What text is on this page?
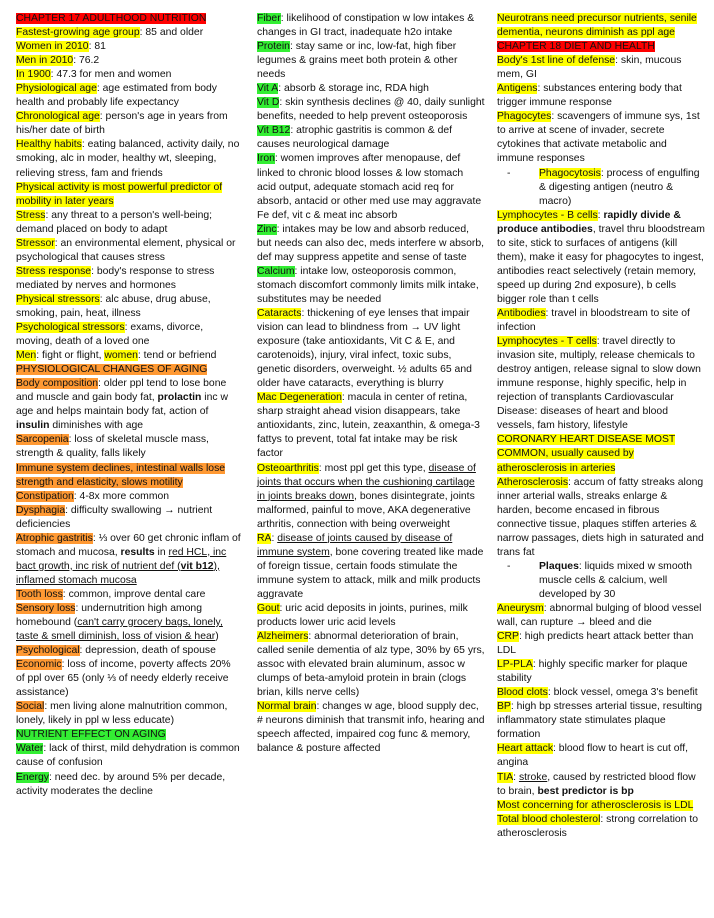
CHAPTER 17 ADULTHOOD NUTRITION

Fastest-growing age group: 85 and older

Women in 2010: 81

Men in 2010: 76.2

In 1900: 47.3 for men and women

Physiological age: age estimated from body health and probably life expectancy

Chronological age: person's age in years from his/her date of birth

Healthy habits: eating balanced, activity daily, no smoking, alc in moder, healthy wt, sleeping, relieving stress, fam and friends

Physical activity is most powerful predictor of mobility in later years

Stress: any threat to a person's well-being; demand placed on body to adapt

Stressor: an environmental element, physical or psychological that causes stress

Stress response: body's response to stress mediated by nerves and hormones

Physical stressors: alc abuse, drug abuse, smoking, pain, heat, illness

Psychological stressors: exams, divorce, moving, death of a loved one

Men: fight or flight, women: tend or befriend

PHYSIOLOGICAL CHANGES OF AGING

Body composition: older ppl tend to lose bone and muscle and gain body fat, prolactin inc w age and helps maintain body fat, action of insulin diminishes with age

Sarcopenia: loss of skeletal muscle mass, strength & quality, falls likely

Immune system declines, intestinal walls lose strength and elasticity, slows motility

Constipation: 4-8x more common

Dysphagia: difficulty swallowing → nutrient deficiencies

Atrophic gastritis: ⅓ over 60 get chronic inflam of stomach and mucosa, results in red HCL, inc bact growth, inc risk of nutrient def (vit b12), inflamed stomach mucosa

Tooth loss: common, improve dental care

Sensory loss: undernutrition high among homebound (can't carry grocery bags, lonely, taste & smell diminish, loss of vision & hear)

Psychological: depression, death of spouse

Economic: loss of income, poverty affects 20% of ppl over 65 (only ⅓ of needy elderly receive assistance)

Social: men living alone malnutrition common, lonely, likely in ppl w less educate)

NUTRIENT EFFECT ON AGING

Water: lack of thirst, mild dehydration is common cause of confusion

Energy: need dec. by around 5% per decade, activity moderates the decline

Fiber: likelihood of constipation w low intakes & changes in GI tract, inadequate h2o intake

Protein: stay same or inc, low-fat, high fiber legumes & grains meet both protein & other needs

Vit A: absorb & storage inc, RDA high

Vit D: skin synthesis declines @ 40, daily sunlight benefits, needed to help prevent osteoporosis

Vit B12: atrophic gastritis is common & def causes neurological damage

Iron: women improves after menopause, def linked to chronic blood losses & low stomach acid output, adequate stomach acid req for absorb, antacid or other med use may aggravate Fe def, vit c & meat inc absorb

Zinc: intakes may be low and absorb reduced, but needs can also dec, meds interfere w absorb, def may suppress appetite and sense of taste

Calcium: intake low, osteoporosis common, stomach discomfort commonly limits milk intake, substitutes may be needed

Cataracts: thickening of eye lenses that impair vision can lead to blindness from → UV light exposure (take antioxidants, Vit C & E, and carotenoids), injury, viral infect, toxic subs, genetic disorders, overweight. ½ adults 65 and older have cataracts, everything is blurry

Mac Degeneration: macula in center of retina, sharp straight ahead vision disappears, take antioxidants, zinc, lutein, zeaxanthin, & omega-3 fattys to prevent, total fat intake may be risk factor

Osteoarthritis: most ppl get this type, disease of joints that occurs when the cushioning cartilage in joints breaks down, bones disintegrate, joints malformed, painful to move, AKA degenerative arthritis, connection with being overweight

RA: disease of joints caused by disease of immune system, bone covering treated like made of foreign tissue, certain foods stimulate the immune system to attack, milk and milk products aggravate

Gout: uric acid deposits in joints, purines, milk products lower uric acid levels

Alzheimers: abnormal deterioration of brain, called senile dementia of alz type, 30% by 65 yrs, assoc with elevated brain aluminum, assoc w clumps of beta-amyloid protein in brain (clogs brian, kills nerve cells)

Normal brain: changes w age, blood supply dec, # neurons diminish that transmit info, hearing and speech affected, impaired cog func & memory, balance & posture affected

Neurotrans need precursor nutrients, senile dementia, neurons diminish as ppl age

CHAPTER 18 DIET AND HEALTH

Body's 1st line of defense: skin, mucous mem, GI

Antigens: substances entering body that trigger immune response

Phagocytes: scavengers of immune sys, 1st to arrive at scene of invader, secrete cytokines that activate metabolic and immune responses

-	Phagocytosis: process of engulfing & digesting antigen (neutro & macro)

Lymphocytes - B cells: rapidly divide & produce antibodies, travel thru bloodstream to site, stick to surfaces of antigens (kill them), make it easy for phagocytes to ingest, antibodies react selectively (retain memory, speed up during 2nd exposure), b cells bigger role than t cells

Antibodies: travel in bloodstream to site of infection

Lymphocytes - T cells: travel directly to invasion site, multiply, release chemicals to destroy antigen, release signal to slow down immune response, highly specific, help in rejection of transplants Cardiovascular Disease: diseases of heart and blood vessels, fam history, lifestyle

CORONARY HEART DISEASE MOST COMMON, usually caused by atherosclerosis in arteries

Atherosclerosis: accum of fatty streaks along inner arterial walls, streaks enlarge & harden, become encased in fibrous connective tissue, plaques stiffen arteries & narrow passages, diets high in saturated and trans fat

-	Plaques: liquids mixed w smooth muscle cells & calcium, well developed by 30

Aneurysm: abnormal bulging of blood vessel wall, can rupture → bleed and die

CRP: high predicts heart attack better than LDL

LP-PLA: highly specific marker for plaque stability

Blood clots: block vessel, omega 3's benefit

BP: high bp stresses arterial tissue, resulting inflammatory state stimulates plaque formation

Heart attack: blood flow to heart is cut off, angina

TIA: stroke, caused by restricted blood flow to brain, best predictor is bp

Most concerning for atherosclerosis is LDL

Total blood cholesterol: strong correlation to atherosclerosis
